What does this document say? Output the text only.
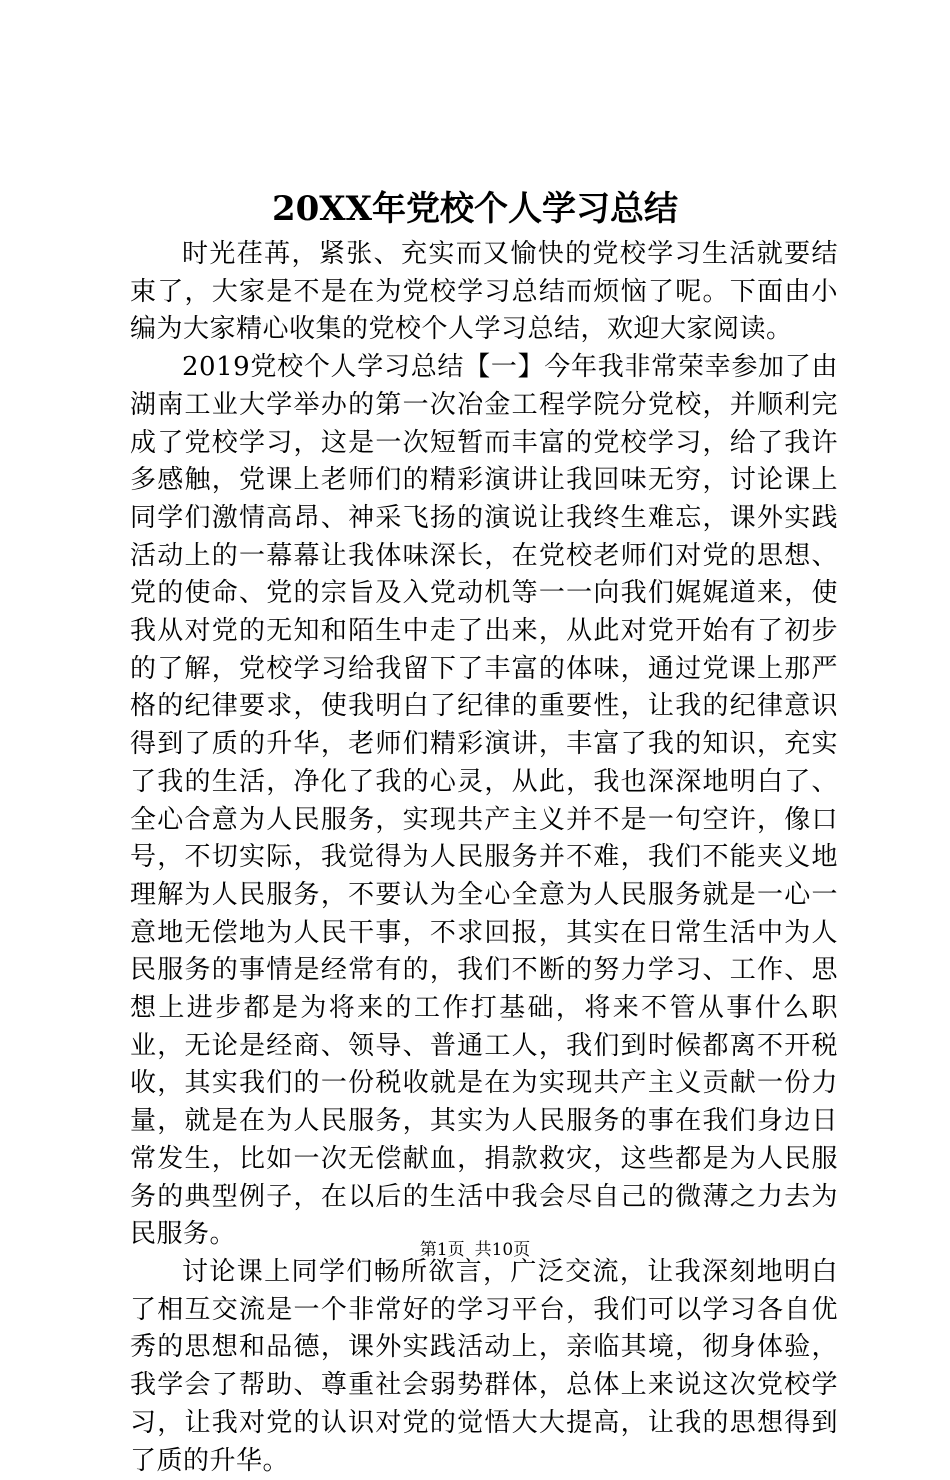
20XX年党校个人学习总结

时光荏苒，紧张、充实而又愉快的党校学习生活就要结束了，大家是不是在为党校学习总结而烦恼了呢。下面由小编为大家精心收集的党校个人学习总结，欢迎大家阅读。

2019党校个人学习总结【一】今年我非常荣幸参加了由湖南工业大学举办的第一次冶金工程学院分党校，并顺利完成了党校学习，这是一次短暂而丰富的党校学习，给了我许多感触，党课上老师们的精彩演讲让我回味无穷，讨论课上同学们激情高昂、神采飞扬的演说让我终生难忘，课外实践活动上的一幕幕让我体味深长，在党校老师们对党的思想、党的使命、党的宗旨及入党动机等一一向我们娓娓道来，使我从对党的无知和陌生中走了出来，从此对党开始有了初步的了解，党校学习给我留下了丰富的体味，通过党课上那严格的纪律要求，使我明白了纪律的重要性，让我的纪律意识得到了质的升华，老师们精彩演讲，丰富了我的知识，充实了我的生活，净化了我的心灵，从此，我也深深地明白了、全心合意为人民服务，实现共产主义并不是一句空许，像口号，不切实际，我觉得为人民服务并不难，我们不能夹义地理解为人民服务，不要认为全心全意为人民服务就是一心一意地无偿地为人民干事，不求回报，其实在日常生活中为人民服务的事情是经常有的，我们不断的努力学习、工作、思想上进步都是为将来的工作打基础，将来不管从事什么职业，无论是经商、领导、普通工人，我们到时候都离不开税收，其实我们的一份税收就是在为实现共产主义贡献一份力量，就是在为人民服务，其实为人民服务的事在我们身边日常发生，比如一次无偿献血，捐款救灾，这些都是为人民服务的典型例子，在以后的生活中我会尽自己的微薄之力去为民服务。

讨论课上同学们畅所欲言，广泛交流，让我深刻地明白了相互交流是一个非常好的学习平台，我们可以学习各自优秀的思想和品德，课外实践活动上，亲临其境，彻身体验，我学会了帮助、尊重社会弱势群体，总体上来说这次党校学习，让我对党的认识对党的觉悟大大提高，让我的思想得到了质的升华。

第1页 共10页
